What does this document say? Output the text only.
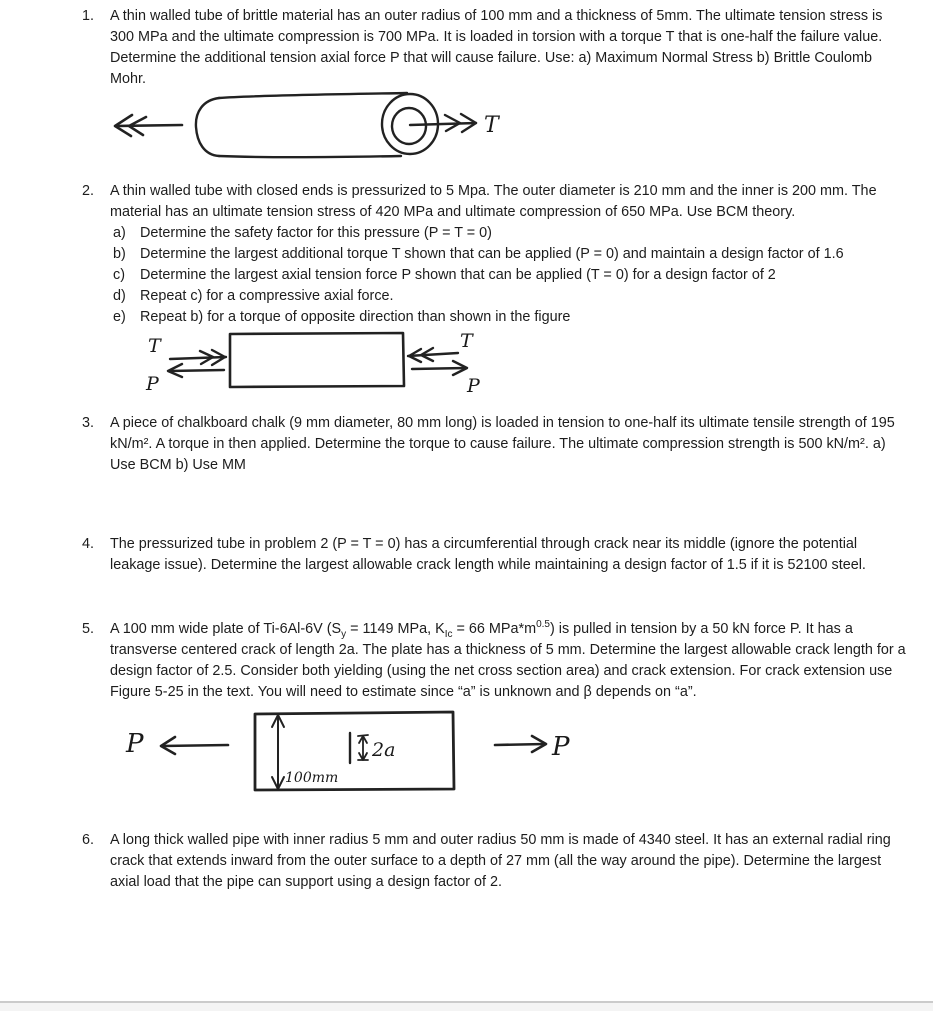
1.	A thin walled tube of brittle material has an outer radius of 100 mm and a thickness of 5mm. The ultimate tension stress is 300 MPa and the ultimate compression is 700 MPa. It is loaded in torsion with a torque T that is one-half the failure value. Determine the additional tension axial force P that will cause failure. Use: a) Maximum Normal Stress b) Brittle Coulomb Mohr.
T
2.	A thin walled tube with closed ends is pressurized to 5 Mpa. The outer diameter is 210 mm and the inner is 200 mm. The material has an ultimate tension stress of 420 MPa and ultimate compression of 650 MPa. Use BCM theory.
a) Determine the safety factor for this pressure (P = T = 0)
b) Determine the largest additional torque T shown that can be applied (P = 0) and maintain a design factor of 1.6
c)	Determine the largest axial tension force P shown that can be applied (T = 0) for a design factor of 2
d) Repeat c) for a compressive axial force.
e) Repeat b) for a torque of opposite direction than shown in the figure
T
P
T
P
3.	A piece of chalkboard chalk (9 mm diameter, 80 mm long) is loaded in tension to one-half its ultimate tensile strength of 195 kN/m². A torque in then applied. Determine the torque to cause failure. The ultimate compression strength is 500 kN/m². a) Use BCM b) Use MM
4.	The pressurized tube in problem 2 (P = T = 0) has a circumferential through crack near its middle (ignore the potential leakage issue). Determine the largest allowable crack length while maintaining a design factor of 1.5 if it is 52100 steel.
5.	A 100 mm wide plate of Ti-6Al-6V ($S_y = 1149$ MPa, $K_{Ic} = 66$ $MPa*m^{0.5}$) is pulled in tension by a 50 kN force P. It has a transverse centered crack of length 2a. The plate has a thickness of 5 mm. Determine the largest allowable crack length for a design factor of 2.5. Consider both yielding (using the net cross section area) and crack extension. For crack extension use Figure 5-25 in the text. You will need to estimate since “a” is unknown and β depends on “a”.
P
100mm
2a	P
6.	A long thick walled pipe with inner radius 5 mm and outer radius 50 mm is made of 4340 steel. It has an external radial ring crack that extends inward from the outer surface to a depth of 27 mm (all the way around the pipe). Determine the largest axial load that the pipe can support using a design factor of 2.
